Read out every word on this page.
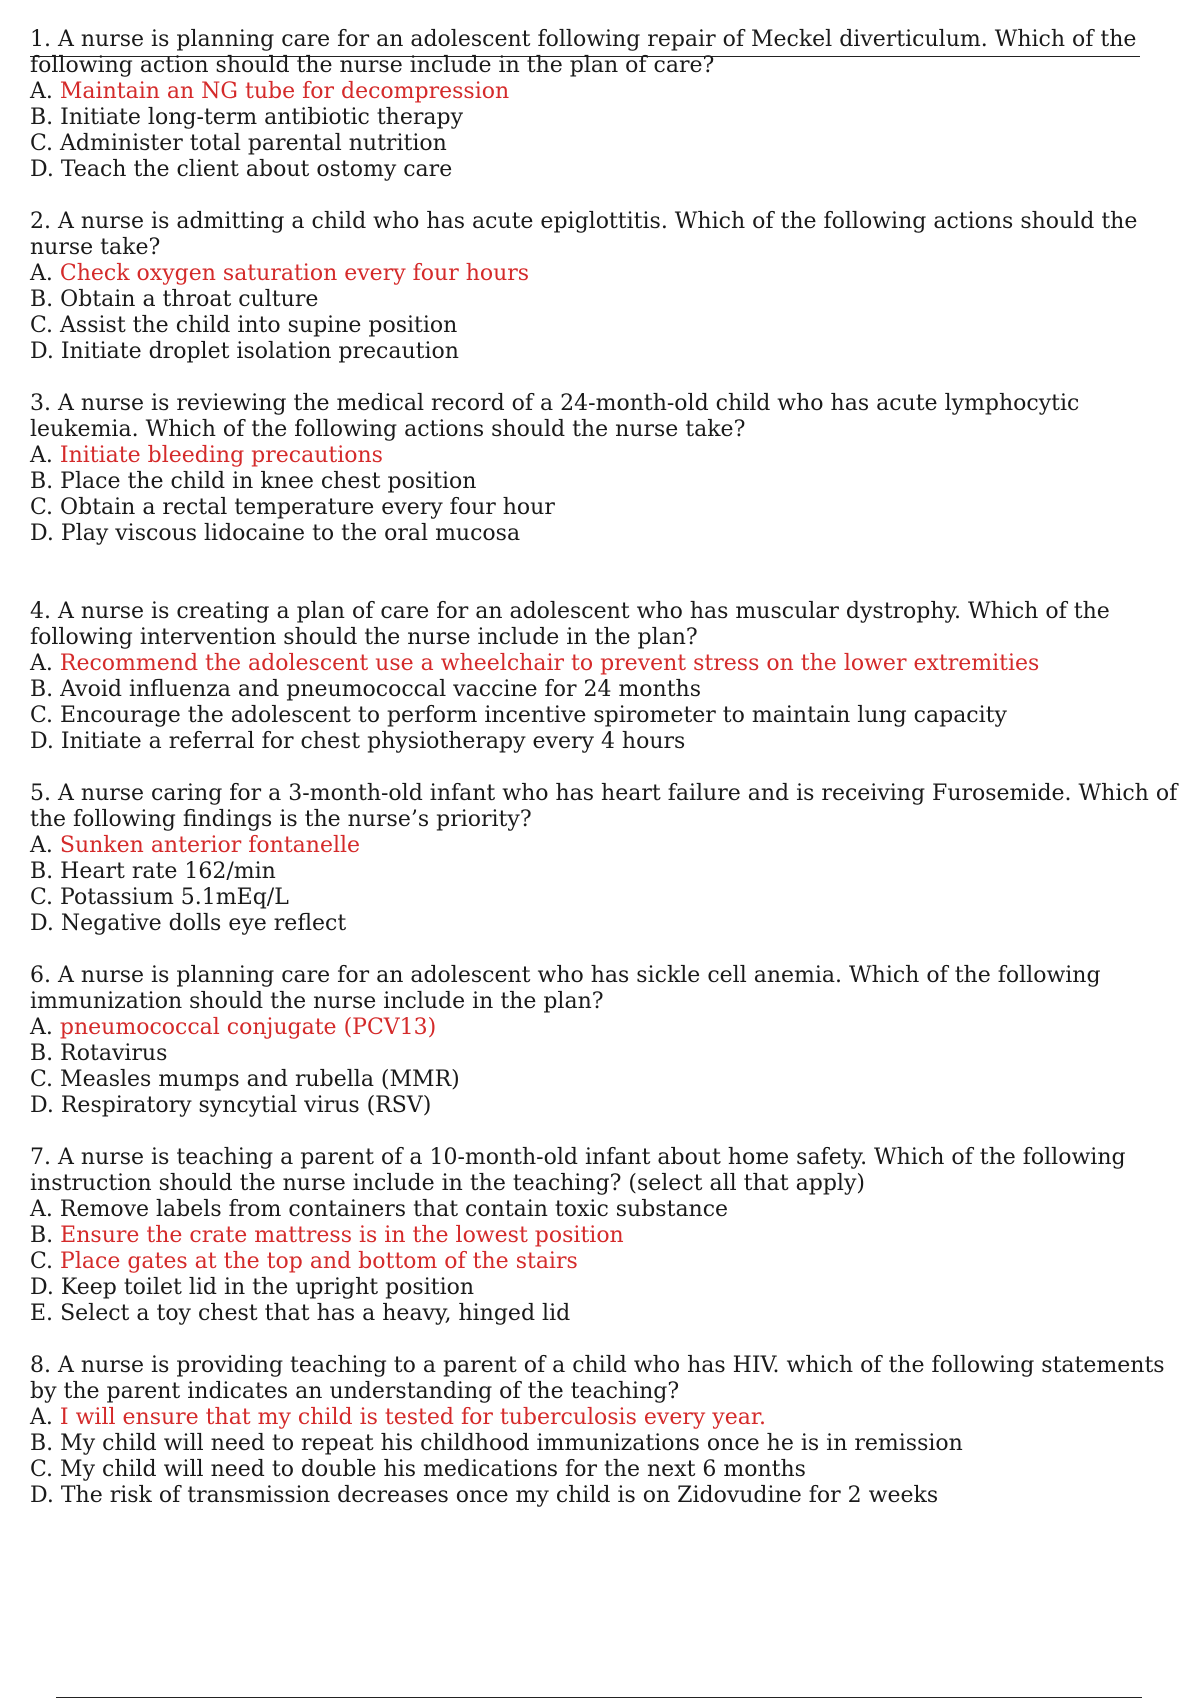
1. A nurse is planning care for an adolescent following repair of Meckel diverticulum. Which of the following action should the nurse include in the plan of care?

A. Maintain an NG tube for decompression
B. Initiate long-term antibiotic therapy
C. Administer total parental nutrition
D. Teach the client about ostomy care

2. A nurse is admitting a child who has acute epiglottitis. Which of the following actions should the nurse take?

A. Check oxygen saturation every four hours
B. Obtain a throat culture
C. Assist the child into supine position
D. Initiate droplet isolation precaution

3. A nurse is reviewing the medical record of a 24-month-old child who has acute lymphocytic leukemia. Which of the following actions should the nurse take?

A. Initiate bleeding precautions
B. Place the child in knee chest position
C. Obtain a rectal temperature every four hour
D. Play viscous lidocaine to the oral mucosa

4. A nurse is creating a plan of care for an adolescent who has muscular dystrophy. Which of the following intervention should the nurse include in the plan?

A. Recommend the adolescent use a wheelchair to prevent stress on the lower extremities
B. Avoid influenza and pneumococcal vaccine for 24 months
C. Encourage the adolescent to perform incentive spirometer to maintain lung capacity
D. Initiate a referral for chest physiotherapy every 4 hours

5. A nurse caring for a 3-month-old infant who has heart failure and is receiving Furosemide. Which of the following findings is the nurse’s priority?

A. Sunken anterior fontanelle
B. Heart rate 162/min
C. Potassium 5.1mEq/L
D. Negative dolls eye reflect

6. A nurse is planning care for an adolescent who has sickle cell anemia. Which of the following immunization should the nurse include in the plan?

A. pneumococcal conjugate (PCV13)
B. Rotavirus
C. Measles mumps and rubella (MMR)
D. Respiratory syncytial virus (RSV)

7. A nurse is teaching a parent of a 10-month-old infant about home safety. Which of the following instruction should the nurse include in the teaching? (select all that apply)

A. Remove labels from containers that contain toxic substance
B. Ensure the crate mattress is in the lowest position
C. Place gates at the top and bottom of the stairs
D. Keep toilet lid in the upright position
E. Select a toy chest that has a heavy, hinged lid

8. A nurse is providing teaching to a parent of a child who has HIV. which of the following statements by the parent indicates an understanding of the teaching?

A. I will ensure that my child is tested for tuberculosis every year.
B. My child will need to repeat his childhood immunizations once he is in remission
C. My child will need to double his medications for the next 6 months
D. The risk of transmission decreases once my child is on Zidovudine for 2 weeks
